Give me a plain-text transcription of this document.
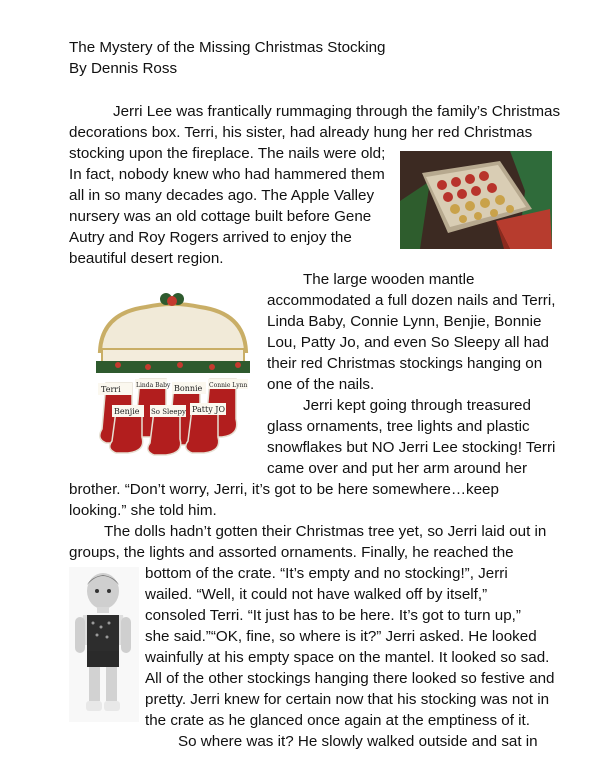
The Mystery of the Missing Christmas Stocking
By Dennis Ross
Jerri Lee was frantically rummaging through the family’s Christmas
decorations box. Terri, his sister, had already hung her red Christmas
stocking upon the fireplace. The nails were old;
In fact, nobody knew who had hammered them
all in so many decades ago. The Apple Valley
nursery was an old cottage built before Gene
Autry and Roy Rogers arrived to enjoy the
beautiful desert region.
The large wooden mantle
accommodated a full dozen nails and Terri,
Linda Baby, Connie Lynn, Benjie, Bonnie
Lou, Patty Jo, and even So Sleepy all had
their red Christmas stockings hanging on
one of the nails.
Jerri kept going through treasured
glass ornaments, tree lights and plastic
snowflakes but NO Jerri Lee stocking! Terri
came over and put her arm around her
brother. “Don’t worry, Jerri, it’s got to be here somewhere…keep
looking.” she told him.
The dolls hadn’t gotten their Christmas tree yet, so Jerri laid out in
groups, the lights and assorted ornaments. Finally, he reached the
bottom of the crate. “It’s empty and no stocking!”, Jerri
wailed. “Well, it could not have walked off by itself,”
consoled Terri. “It just has to be here. It’s got to turn up,”
she said.”“OK, fine, so where is it?” Jerri asked. He looked
wainfully at his empty space on the mantel. It looked so sad.
All of the other stockings hanging there looked so festive and
pretty. Jerri knew for certain now that his stocking was not in
the crate as he glanced once again at the emptiness of it.
So where was it? He slowly walked outside and sat in
Terri	Linda Baby Bonnie Connie Lynn
Benjie So Sleepy Patty JO
